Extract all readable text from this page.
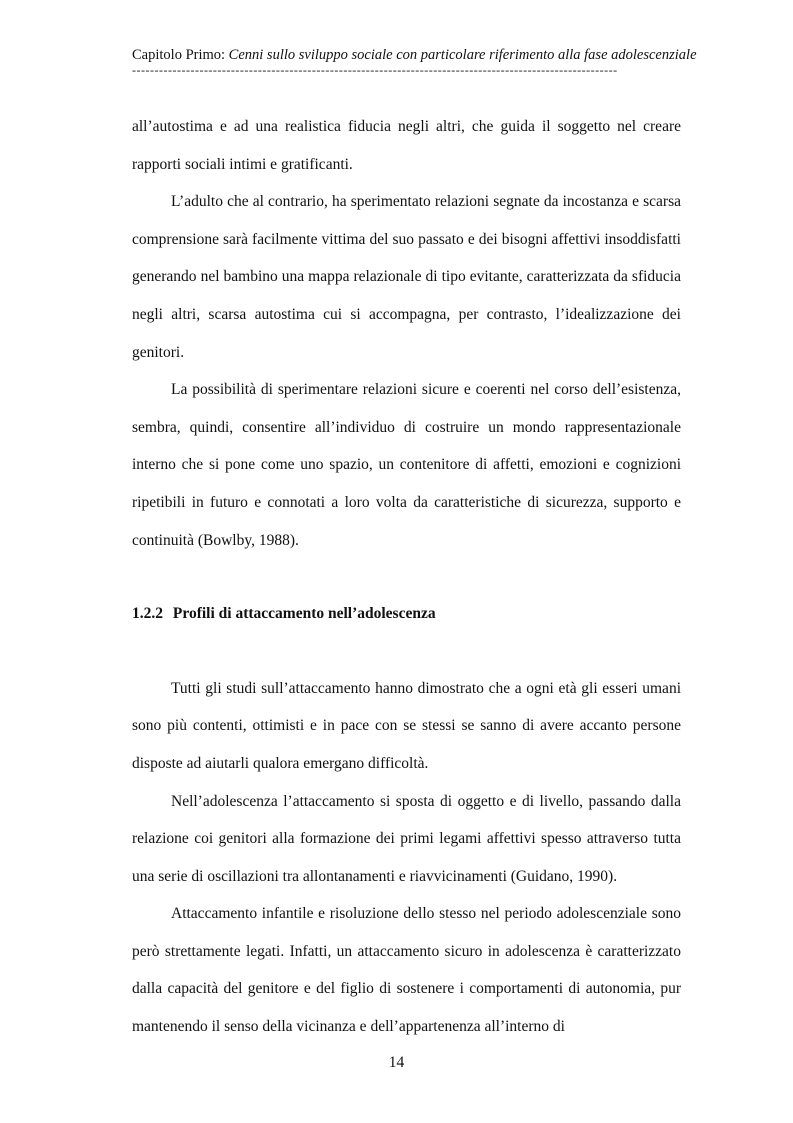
Capitolo Primo: Cenni sullo sviluppo sociale con particolare riferimento alla fase adolescenziale
------------------------------------------------------------------------------------------------------------

all’autostima e ad una realistica fiducia negli altri, che guida il soggetto nel creare rapporti sociali intimi e gratificanti.

L’adulto che al contrario, ha sperimentato relazioni segnate da incostanza e scarsa comprensione sarà facilmente vittima del suo passato e dei bisogni affettivi insoddisfatti generando nel bambino una mappa relazionale di tipo evitante, caratterizzata da sfiducia negli altri, scarsa autostima cui si accompagna, per contrasto, l’idealizzazione dei genitori.

La possibilità di sperimentare relazioni sicure e coerenti nel corso dell’esistenza, sembra, quindi, consentire all’individuo di costruire un mondo rappresentazionale interno che si pone come uno spazio, un contenitore di affetti, emozioni e cognizioni ripetibili in futuro e connotati a loro volta da caratteristiche di sicurezza, supporto e continuità (Bowlby, 1988).

1.2.2 Profili di attaccamento nell’adolescenza

Tutti gli studi sull’attaccamento hanno dimostrato che a ogni età gli esseri umani sono più contenti, ottimisti e in pace con se stessi se sanno di avere accanto persone disposte ad aiutarli qualora emergano difficoltà.

Nell’adolescenza l’attaccamento si sposta di oggetto e di livello, passando dalla relazione coi genitori alla formazione dei primi legami affettivi spesso attraverso tutta una serie di oscillazioni tra allontanamenti e riavvicinamenti (Guidano, 1990).

Attaccamento infantile e risoluzione dello stesso nel periodo adolescenziale sono però strettamente legati. Infatti, un attaccamento sicuro in adolescenza è caratterizzato dalla capacità del genitore e del figlio di sostenere i comportamenti di autonomia, pur mantenendo il senso della vicinanza e dell’appartenenza all’interno di

14
